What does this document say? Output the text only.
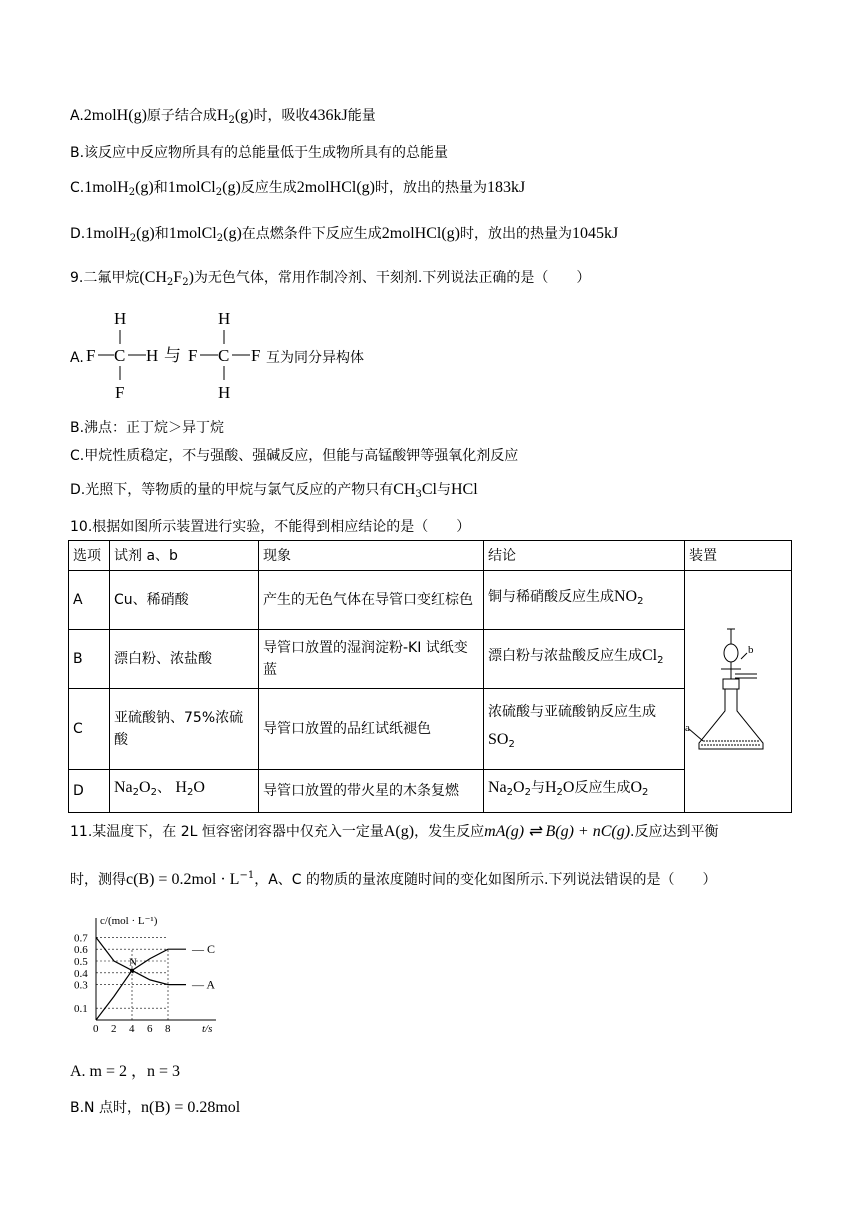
A.2molH(g)原子结合成$H_2(g)$时，吸收436kJ能量
B.该反应中反应物所具有的总能量低于生成物所具有的总能量
C.1molH$_2$(g)和1molCl$_2$(g)反应生成2molHCl(g)时，放出的热量为183kJ
D.1molH$_2$(g)和1molCl$_2$(g)在点燃条件下反应生成2molHCl(g)时，放出的热量为1045kJ
9.二氟甲烷$(CH_2F_2)$为无色气体，常用作制冷剂、干刻剂.下列说法正确的是（　　）
A.
H
F C H
F
与
H
F C F
H
互为同分异构体
B.沸点：正丁烷＞异丁烷
C.甲烷性质稳定，不与强酸、强碱反应，但能与高锰酸钾等强氧化剂反应
D.光照下，等物质的量的甲烷与氯气反应的产物只有$CH_3Cl$与HCl
10.根据如图所示装置进行实验，不能得到相应结论的是（　　）
选项	试剂 a、b	现象	结论	装置
A	Cu、稀硝酸	产生的无色气体在导管口变红棕色	铜与稀硝酸反应生成$NO_2$	b
a

B	漂白粉、浓盐酸	导管口放置的湿润淀粉-KI 试纸变蓝	漂白粉与浓盐酸反应生成$Cl_2$
C	亚硫酸钠、75%浓硫酸	导管口放置的品红试纸褪色	浓硫酸与亚硫酸钠反应生成
$SO_2$

D	$Na_2O_2$、 $H_2O$	导管口放置的带火星的木条复燃	$Na_2O_2$与$H_2O$反应生成$O_2$
11.某温度下，在 2L 恒容密闭容器中仅充入一定量A(g)，发生反应mA(g) ⇌ B(g) + nC(g).反应达到平衡
时，测得$c(B) = 0.2mol \cdot L^{-1}$，A、C 的物质的量浓度随时间的变化如图所示.下列说法错误的是（　　）
c/(mol · L⁻¹)
t/s
0 2 4 6 8
0.1
0.3
0.4
0.5
0.6
0.7
— A
— C
N
A. m = 2 ，n = 3
B.N 点时，n(B) = 0.28mol
